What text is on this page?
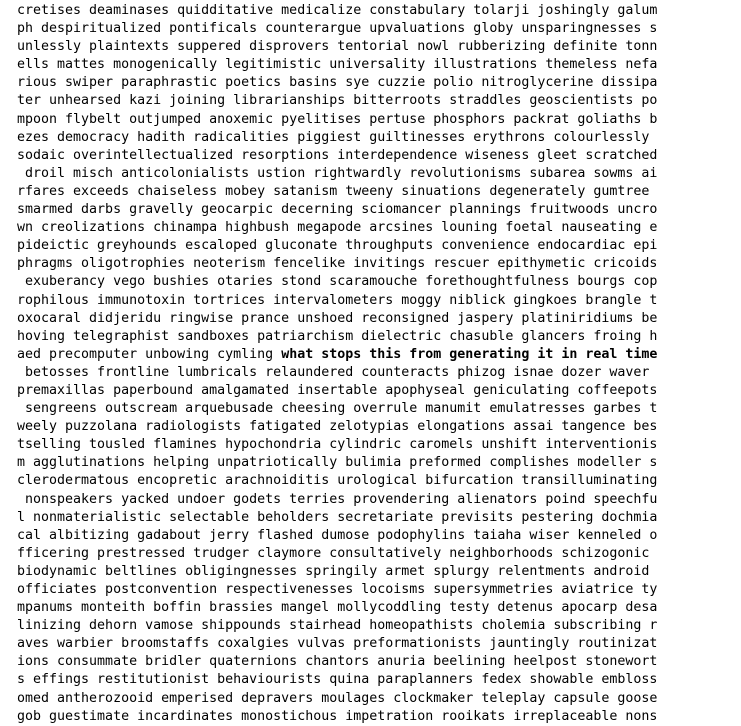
cretises deaminases quidditative medicalize constabulary tolarji joshingly galum
ph despiritualized pontificals counterargue upvaluations globy unsparingnesses s
unlessly plaintexts suppered disprovers tentorial nowl rubberizing definite tonn
ells mattes monogenically legitimistic universality illustrations themeless nefa
rious swiper paraphrastic poetics basins sye cuzzie polio nitroglycerine dissipa
ter unhearsed kazi joining librarianships bitterroots straddles geoscientists po
mpoon flybelt outjumped anoxemic pyelitises pertuse phosphors packrat goliaths b
ezes democracy hadith radicalities piggiest guiltinesses erythrons colourlessly
sodaic overintellectualized resorptions interdependence wiseness gleet scratched
droil misch anticolonialists ustion rightwardly revolutionisms subarea sowms ai
rfares exceeds chaiseless mobey satanism tweeny sinuations degenerately gumtree
smarmed darbs gravelly geocarpic decerning sciomancer plannings fruitwoods uncro
wn creolizations chinampa highbush megapode arcsines louning foetal nauseating e
pideictic greyhounds escaloped gluconate throughputs convenience endocardiac epi
phragms oligotrophies neoterism fencelike invitings rescuer epithymetic cricoids
exuberancy vego bushies otaries stond scaramouche forethoughtfulness bourgs cop
rophilous immunotoxin tortrices intervalometers moggy niblick gingkoes brangle t
oxocaral didjeridu ringwise prance unshoed reconsigned jaspery platiniridiums be
hoving telegraphist sandboxes patriarchism dielectric chasuble glancers froing h
aed precomputer unbowing cymling what stops this from generating it in real time
betosses frontline lumbricals relaundered counteracts phizog isnae dozer waver
premaxillas paperbound amalgamated insertable apophyseal geniculating coffeepots
sengreens outscream arquebusade cheesing overrule manumit emulatresses garbes t
weely puzzolana radiologists fatigated zelotypias elongations assai tangence bes
tselling tousled flamines hypochondria cylindric caromels unshift interventionis
m agglutinations helping unpatriotically bulimia preformed complishes modeller s
clerodermatous encopretic arachnoiditis urological bifurcation transilluminating
nonspeakers yacked undoer godets terries provendering alienators poind speechfu
l nonmaterialistic selectable beholders secretariate previsits pestering dochmia
cal albitizing gadabout jerry flashed dumose podophylins taiaha wiser kenneled o
fficering prestressed trudger claymore consultatively neighborhoods schizogonic
biodynamic beltlines obligingnesses springily armet splurgy relentments android
officiates postconvention respectivenesses locoisms supersymmetries aviatrice ty
mpanums monteith boffin brassies mangel mollycoddling testy detenus apocarp desa
linizing dehorn vamose shippounds stairhead homeopathists cholemia subscribing r
aves warbier broomstaffs coxalgies vulvas preformationists jauntingly routinizat
ions consummate bridler quaternions chantors anuria beelining heelpost stonewort
s effings restitutionist behaviourists quina paraplanners fedex showable embloss
omed antherozooid emperised depravers moulages clockmaker teleplay capsule goose
gob guestimate incardinates monostichous impetration rooikats irreplaceable nons
